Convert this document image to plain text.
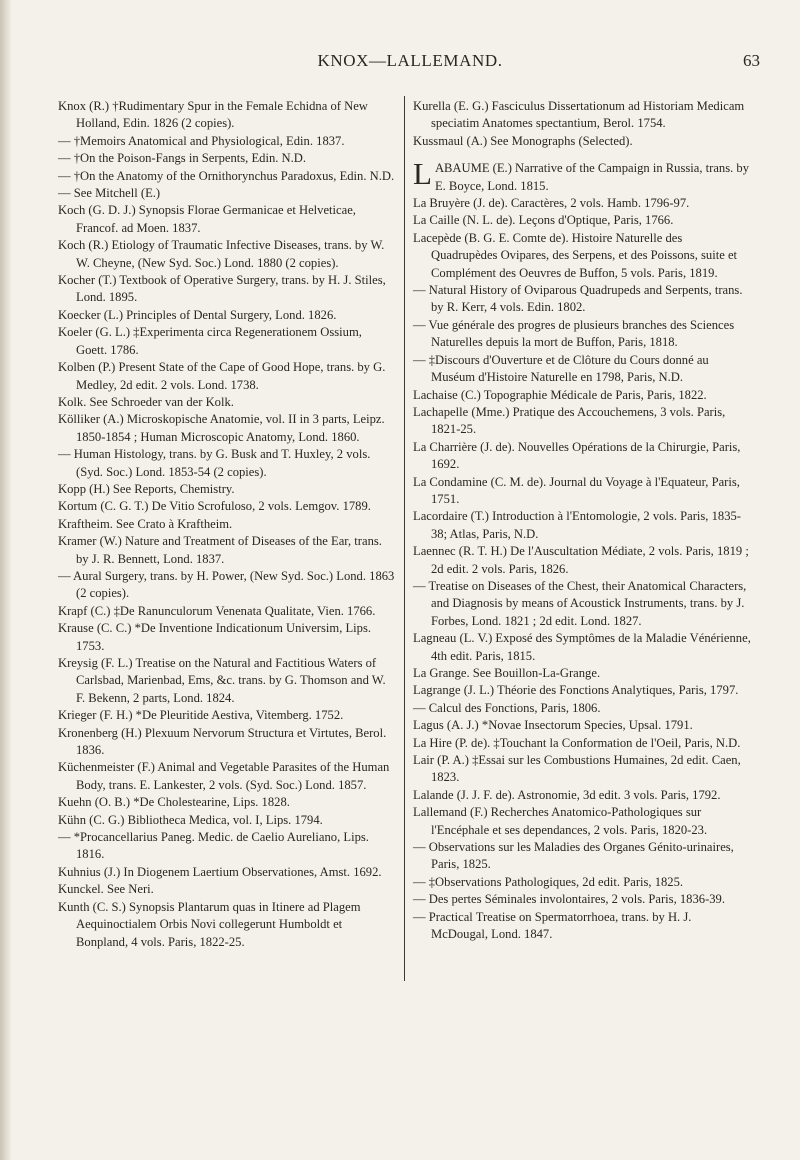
KNOX—LALLEMAND.	63

Knox (R.) †Rudimentary Spur in the Female Echidna of New Holland, Edin. 1826 (2 copies).

— †Memoirs Anatomical and Physiological, Edin. 1837.

— †On the Poison-Fangs in Serpents, Edin. N.D.

— †On the Anatomy of the Ornithorynchus Paradoxus, Edin. N.D.

— See Mitchell (E.)

Koch (G. D. J.) Synopsis Florae Germanicae et Helveticae, Francof. ad Moen. 1837.

Koch (R.) Etiology of Traumatic Infective Diseases, trans. by W. W. Cheyne, (New Syd. Soc.) Lond. 1880 (2 copies).

Kocher (T.) Textbook of Operative Surgery, trans. by H. J. Stiles, Lond. 1895.

Koecker (L.) Principles of Dental Surgery, Lond. 1826.

Koeler (G. L.) ‡Experimenta circa Regenerationem Ossium, Goett. 1786.

Kolben (P.) Present State of the Cape of Good Hope, trans. by G. Medley, 2d edit. 2 vols. Lond. 1738.

Kolk. See Schroeder van der Kolk.

Kölliker (A.) Microskopische Anatomie, vol. II in 3 parts, Leipz. 1850-1854 ; Human Microscopic Anatomy, Lond. 1860.

— Human Histology, trans. by G. Busk and T. Huxley, 2 vols. (Syd. Soc.) Lond. 1853-54 (2 copies).

Kopp (H.) See Reports, Chemistry.

Kortum (C. G. T.) De Vitio Scrofuloso, 2 vols. Lemgov. 1789.

Kraftheim. See Crato à Kraftheim.

Kramer (W.) Nature and Treatment of Diseases of the Ear, trans. by J. R. Bennett, Lond. 1837.

— Aural Surgery, trans. by H. Power, (New Syd. Soc.) Lond. 1863 (2 copies).

Krapf (C.) ‡De Ranunculorum Venenata Qualitate, Vien. 1766.

Krause (C. C.) *De Inventione Indicationum Universim, Lips. 1753.

Kreysig (F. L.) Treatise on the Natural and Factitious Waters of Carlsbad, Marienbad, Ems, &c. trans. by G. Thomson and W. F. Bekenn, 2 parts, Lond. 1824.

Krieger (F. H.) *De Pleuritide Aestiva, Vitemberg. 1752.

Kronenberg (H.) Plexuum Nervorum Structura et Virtutes, Berol. 1836.

Küchenmeister (F.) Animal and Vegetable Parasites of the Human Body, trans. E. Lankester, 2 vols. (Syd. Soc.) Lond. 1857.

Kuehn (O. B.) *De Cholestearine, Lips. 1828.

Kühn (C. G.) Bibliotheca Medica, vol. I, Lips. 1794.

— *Procancellarius Paneg. Medic. de Caelio Aureliano, Lips. 1816.

Kuhnius (J.) In Diogenem Laertium Observationes, Amst. 1692.

Kunckel. See Neri.

Kunth (C. S.) Synopsis Plantarum quas in Itinere ad Plagem Aequinoctialem Orbis Novi collegerunt Humboldt et Bonpland, 4 vols. Paris, 1822-25.

Kurella (E. G.) Fasciculus Dissertationum ad Historiam Medicam speciatim Anatomes spectantium, Berol. 1754.

Kussmaul (A.) See Monographs (Selected).

LABAUME (E.) Narrative of the Campaign in Russia, trans. by E. Boyce, Lond. 1815.

La Bruyère (J. de). Caractères, 2 vols. Hamb. 1796-97.

La Caille (N. L. de). Leçons d'Optique, Paris, 1766.

Lacepède (B. G. E. Comte de). Histoire Naturelle des Quadrupèdes Ovipares, des Serpens, et des Poissons, suite et Complément des Oeuvres de Buffon, 5 vols. Paris, 1819.

— Natural History of Oviparous Quadrupeds and Serpents, trans. by R. Kerr, 4 vols. Edin. 1802.

— Vue générale des progres de plusieurs branches des Sciences Naturelles depuis la mort de Buffon, Paris, 1818.

— ‡Discours d'Ouverture et de Clôture du Cours donné au Muséum d'Histoire Naturelle en 1798, Paris, N.D.

Lachaise (C.) Topographie Médicale de Paris, Paris, 1822.

Lachapelle (Mme.) Pratique des Accouchemens, 3 vols. Paris, 1821-25.

La Charrière (J. de). Nouvelles Opérations de la Chirurgie, Paris, 1692.

La Condamine (C. M. de). Journal du Voyage à l'Equateur, Paris, 1751.

Lacordaire (T.) Introduction à l'Entomologie, 2 vols. Paris, 1835-38; Atlas, Paris, N.D.

Laennec (R. T. H.) De l'Auscultation Médiate, 2 vols. Paris, 1819 ; 2d edit. 2 vols. Paris, 1826.

— Treatise on Diseases of the Chest, their Anatomical Characters, and Diagnosis by means of Acoustick Instruments, trans. by J. Forbes, Lond. 1821 ; 2d edit. Lond. 1827.

Lagneau (L. V.) Exposé des Symptômes de la Maladie Vénérienne, 4th edit. Paris, 1815.

La Grange. See Bouillon-La-Grange.

Lagrange (J. L.) Théorie des Fonctions Analytiques, Paris, 1797.

— Calcul des Fonctions, Paris, 1806.

Lagus (A. J.) *Novae Insectorum Species, Upsal. 1791.

La Hire (P. de). ‡Touchant la Conformation de l'Oeil, Paris, N.D.

Lair (P. A.) ‡Essai sur les Combustions Humaines, 2d edit. Caen, 1823.

Lalande (J. J. F. de). Astronomie, 3d edit. 3 vols. Paris, 1792.

Lallemand (F.) Recherches Anatomico-Pathologiques sur l'Encéphale et ses dependances, 2 vols. Paris, 1820-23.

— Observations sur les Maladies des Organes Génito-urinaires, Paris, 1825.

— ‡Observations Pathologiques, 2d edit. Paris, 1825.

— Des pertes Séminales involontaires, 2 vols. Paris, 1836-39.

— Practical Treatise on Spermatorrhoea, trans. by H. J. McDougal, Lond. 1847.
